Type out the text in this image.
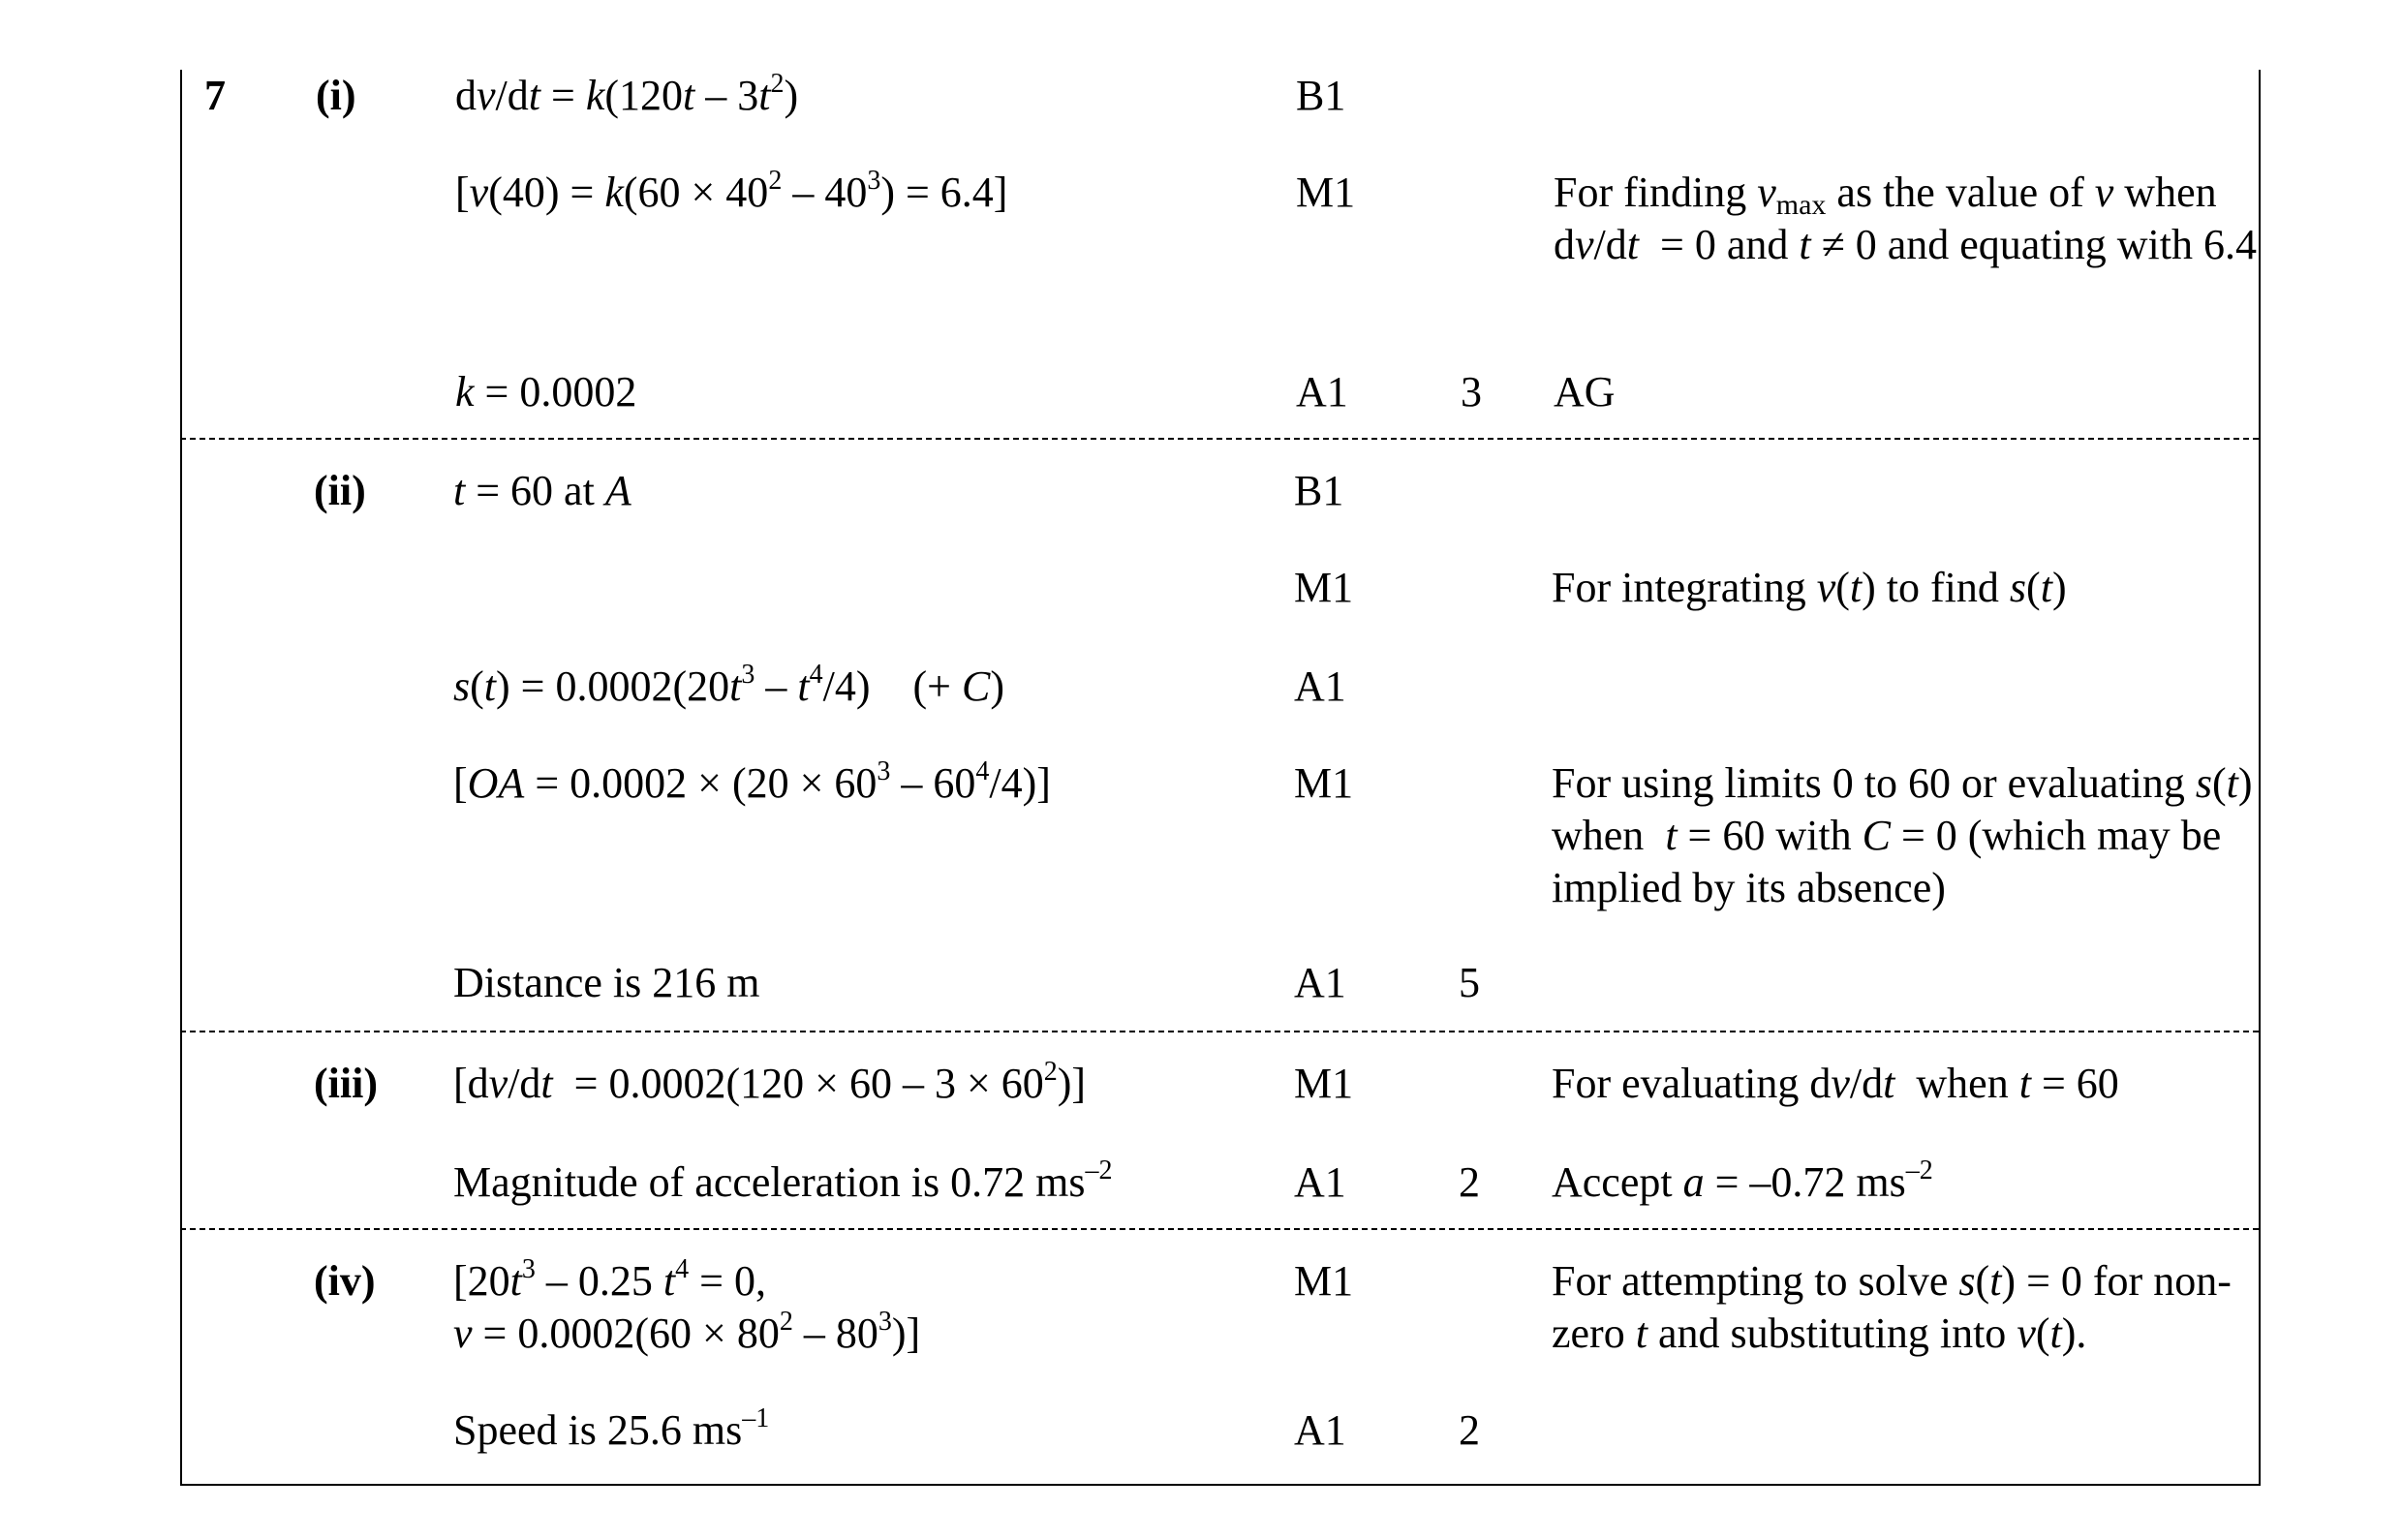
7 (i) $dv/dt = k(120t - 3t^2)$	B1
$[v(40) = k(60 \times 40^2 - 40^3) = 6.4]$	M1	For finding $v_{max}$ as the value of v when dv/dt  = 0 and t ≠ 0 and equating with 6.4
k = 0.0002	A1	3 AG
(ii) t = 60 at A	B1
M1	For integrating v(t) to find s(t)
$s(t) = 0.0002(20t^3 - t^4/4)$    (+ C)	A1
$[OA = 0.0002 \times (20 \times 60^3 - 60^4/4)]$	M1	For using limits 0 to 60 or evaluating s(t) when  t = 60 with C = 0 (which may be implied by its absence)
Distance is 216 m	A1	5
(iii) $[dv/dt = 0.0002(120 \times 60 - 3 \times 60^2)]$	M1	For evaluating dv/dt  when t = 60
Magnitude of acceleration is 0.72 $ms^{-2}$	A1	2 Accept a = –0.72 $ms^{-2}$
(iv) [$20t^3 - 0.25$ $t^4 = 0$,
$v = 0.0002(60 \times 80^2 - 80^3)$]
M1	For attempting to solve s(t) = 0 for non-zero t and substituting into v(t).
Speed is 25.6 $ms^{-1}$	A1	2
